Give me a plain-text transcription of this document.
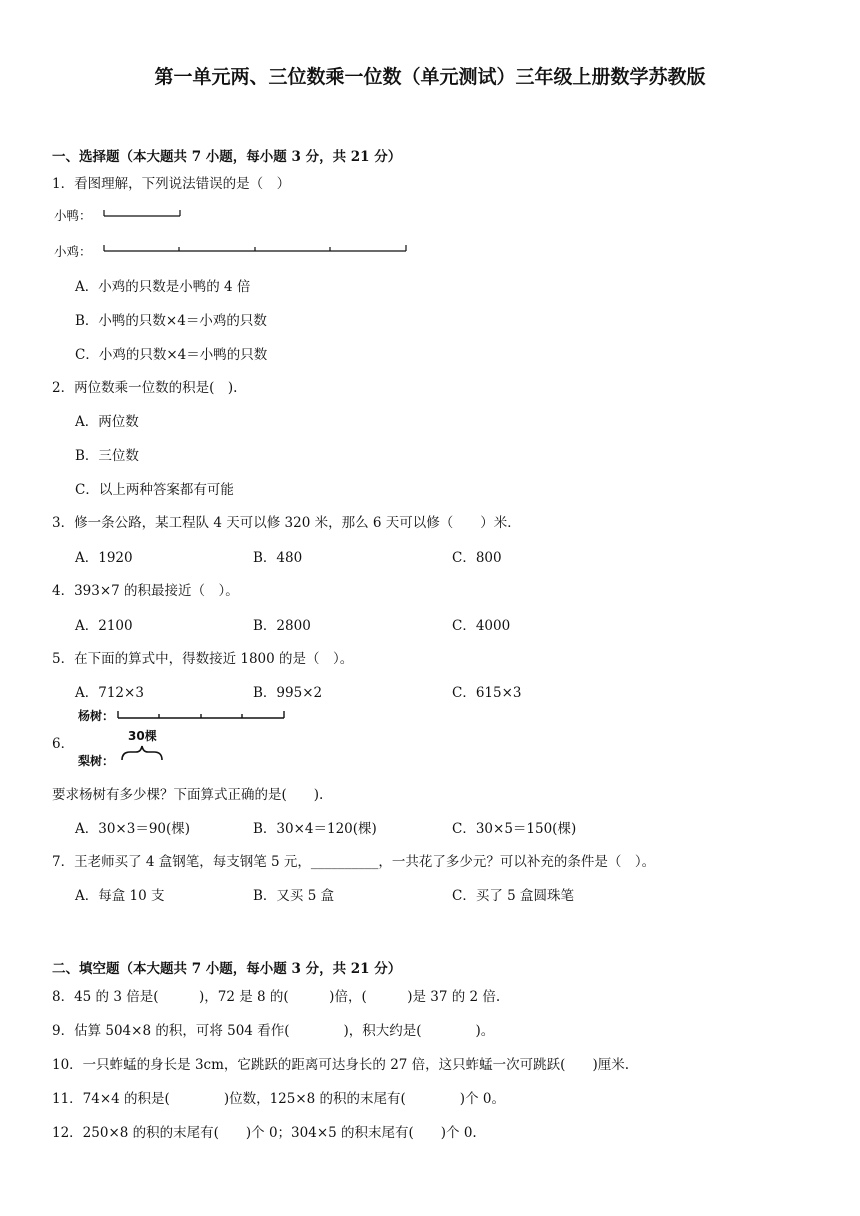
第一单元两、三位数乘一位数（单元测试）三年级上册数学苏教版
一、选择题（本大题共 7 小题，每小题 3 分，共 21 分）
1．看图理解，下列说法错误的是（　）
小鸭：
小鸡：
A．小鸡的只数是小鸭的 4 倍
B．小鸭的只数×4＝小鸡的只数
C．小鸡的只数×4＝小鸭的只数
2．两位数乘一位数的积是(　).
A．两位数
B．三位数
C．以上两种答案都有可能
3．修一条公路，某工程队 4 天可以修 320 米，那么 6 天可以修（　　）米．
A．1920	B．480	C．800
4．393×7 的积最接近（　）。
A．2100	B．2800	C．4000
5．在下面的算式中，得数接近 1800 的是（　）。
A．712×3	B．995×2	C．615×3
6．
杨树：
30棵
梨树：
要求杨树有多少棵？下面算式正确的是(　　).
A．30×3＝90(棵)	B．30×4＝120(棵)	C．30×5＝150(棵)
7．王老师买了 4 盒钢笔，每支钢笔 5 元，__________，一共花了多少元？可以补充的条件是（　）。
A．每盒 10 支	B．又买 5 盒	C．买了 5 盒圆珠笔
二、填空题（本大题共 7 小题，每小题 3 分，共 21 分）
8．45 的 3 倍是(　　　)，72 是 8 的(　　　)倍，(　　　)是 37 的 2 倍.
9．估算 504×8 的积，可将 504 看作(　　　　)，积大约是(　　　　)。
10．一只蚱蜢的身长是 3cm，它跳跃的距离可达身长的 27 倍，这只蚱蜢一次可跳跃(　　)厘米.
11．74×4 的积是(　　　　)位数，125×8 的积的末尾有(　　　　)个 0。
12．250×8 的积的末尾有(　　)个 0；304×5 的积末尾有(　　)个 0.
